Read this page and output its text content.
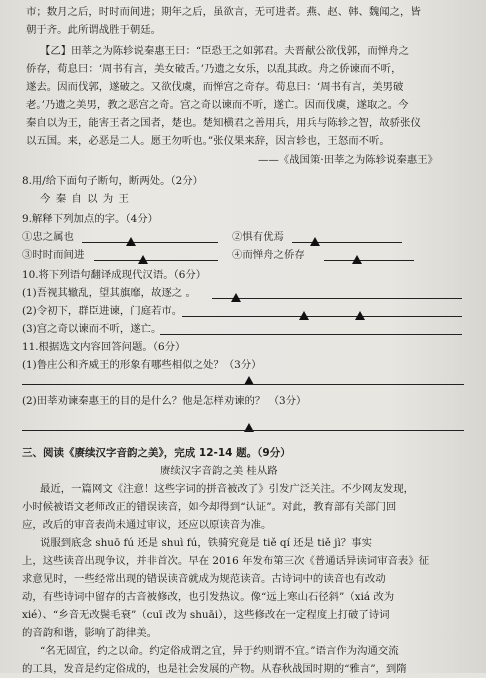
市；数月之后，时时而间进；期年之后，虽欲言，无可进者。燕、赵、韩、魏闻之，皆
朝于齐。此所谓战胜于朝廷。
【乙】田莘之为陈轸说秦惠王曰：“臣恐王之如郭君。夫晋献公欲伐郭，而惮舟之
侨存，荀息曰：‘周书有言，美女破舌。’乃遗之女乐，以乱其政。舟之侨谏而不听，
遂去。因而伐郭，遂破之。又欲伐虞，而惮宫之奇存。荀息曰：‘周书有言，美男破
老。’乃遗之美男，教之恶宫之奇。宫之奇以谏而不听，遂亡。因而伐虞，遂取之。今
秦自以为王，能害王者之国者，楚也。楚知横君之善用兵，用兵与陈轸之智，故骄张仪
以五国。来，必恶是二人。愿王勿听也。”张仪果来辞，因言轸也，王怒而不听。
——《战国策·田莘之为陈轸说秦惠王》
8.用/给下面句子断句，断两处。（2分）
今 秦 自 以 为 王
9.解释下列加点的字。（4分）
①忠之属也	②惧有优焉
③时时而间进	④而惮舟之侨存
10.将下列语句翻译成现代汉语。（6分）
(1)吾视其辙乱，望其旗靡，故逐之 。
(2)令初下，群臣进谏，门庭若市。
(3)宫之奇以谏而不听，遂亡。
11.根据选文内容回答问题。（6分）
(1)鲁庄公和齐威王的形象有哪些相似之处？（3分）
(2)田莘劝谏秦惠王的目的是什么？他是怎样劝谏的？ （3分）
三、阅读《赓续汉字音韵之美》，完成 12-14 题。（9分）
赓续汉字音韵之美 桂从路
最近，一篇网文《注意！这些字词的拼音被改了》引发广泛关注。不少网友发现，
小时候被语文老师改正的错误读音，如今却得到“认证”。对此，教育部有关部门回
应，改后的审音表尚未通过审议，还应以原读音为准。
说服到底念 shuō fú 还是 shuì fú，铁骑究竟是 tiě qí 还是 tiě jì？事实
上，这些读音出现争议，并非首次。早在 2016 年发布第三次《普通话异读词审音表》征
求意见时，一些经常出现的错误读音就成为规范读音。古诗词中的读音也有改动
动，有些诗词中留存的古音被修改，也引发热议。像“远上寒山石径斜”（xiá 改为
xié）、“乡音无改鬓毛衰”（cuī 改为 shuāi），这些修改在一定程度上打破了诗词
的音韵和谐，影响了韵律美。
“名无固宜，约之以命。约定俗成谓之宜，异于约则谓不宜。”语言作为沟通交流
的工具，发音是约定俗成的，也是社会发展的产物。从春秋战国时期的“雅言”，到隋
